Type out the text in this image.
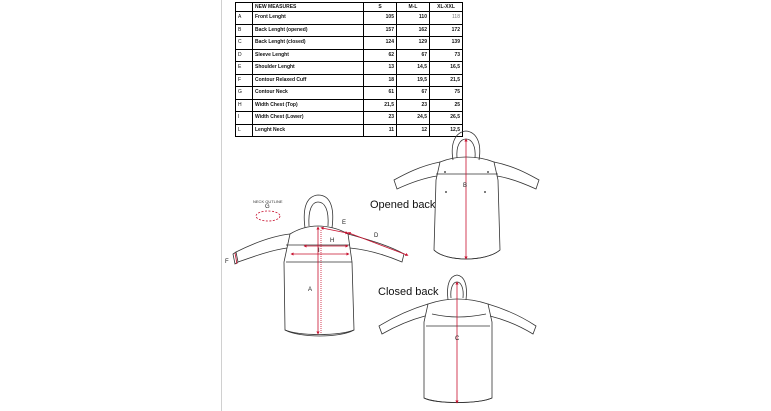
	NEW MEASURES	S	M-L	XL-XXL
A	Front Lenght	105	110	118
B	Back Lenght (opened)	157	162	172
C	Back Lenght (closed)	124	129	139
D	Sleeve Lenght	62	67	73
E	Shoulder Lenght	13	14,5	16,5
F	Contour Relaxed Cuff	18	19,5	21,5
G	Contour Neck	61	67	75
H	Width Chest (Top)	21,5	23	25
I	Width Chest (Lower)	23	24,5	26,5
L	Lenght Neck	11	12	12,5
Opened back
Closed back
NECK OUTLINE
G
A
D
E
F
H
I
B
C
